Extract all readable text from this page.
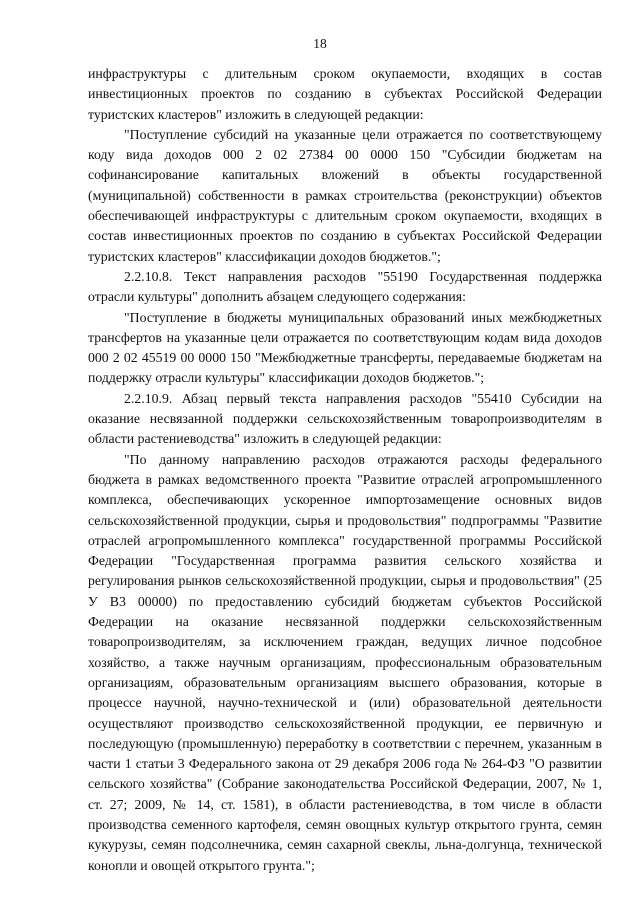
18

инфраструктуры с длительным сроком окупаемости, входящих в состав инвестиционных проектов по созданию в субъектах Российской Федерации туристских кластеров" изложить в следующей редакции:

"Поступление субсидий на указанные цели отражается по соответствующему коду вида доходов 000 2 02 27384 00 0000 150 "Субсидии бюджетам на софинансирование капитальных вложений в объекты государственной (муниципальной) собственности в рамках строительства (реконструкции) объектов обеспечивающей инфраструктуры с длительным сроком окупаемости, входящих в состав инвестиционных проектов по созданию в субъектах Российской Федерации туристских кластеров" классификации доходов бюджетов.";

2.2.10.8. Текст направления расходов "55190 Государственная поддержка отрасли культуры" дополнить абзацем следующего содержания:

"Поступление в бюджеты муниципальных образований иных межбюджетных трансфертов на указанные цели отражается по соответствующим кодам вида доходов 000 2 02 45519 00 0000 150 "Межбюджетные трансферты, передаваемые бюджетам на поддержку отрасли культуры" классификации доходов бюджетов.";

2.2.10.9. Абзац первый текста направления расходов "55410 Субсидии на оказание несвязанной поддержки сельскохозяйственным товаропроизводителям в области растениеводства" изложить в следующей редакции:

"По данному направлению расходов отражаются расходы федерального бюджета в рамках ведомственного проекта "Развитие отраслей агропромышленного комплекса, обеспечивающих ускоренное импортозамещение основных видов сельскохозяйственной продукции, сырья и продовольствия" подпрограммы "Развитие отраслей агропромышленного комплекса" государственной программы Российской Федерации "Государственная программа развития сельского хозяйства и регулирования рынков сельскохозяйственной продукции, сырья и продовольствия" (25 У В3 00000) по предоставлению субсидий бюджетам субъектов Российской Федерации на оказание несвязанной поддержки сельскохозяйственным товаропроизводителям, за исключением граждан, ведущих личное подсобное хозяйство, а также научным организациям, профессиональным образовательным организациям, образовательным организациям высшего образования, которые в процессе научной, научно-технической и (или) образовательной деятельности осуществляют производство сельскохозяйственной продукции, ее первичную и последующую (промышленную) переработку в соответствии с перечнем, указанным в части 1 статьи 3 Федерального закона от 29 декабря 2006 года № 264-ФЗ "О развитии сельского хозяйства" (Собрание законодательства Российской Федерации, 2007, № 1, ст. 27; 2009, № 14, ст. 1581), в области растениеводства, в том числе в области производства семенного картофеля, семян овощных культур открытого грунта, семян кукурузы, семян подсолнечника, семян сахарной свеклы, льна-долгунца, технической конопли и овощей открытого грунта.";
